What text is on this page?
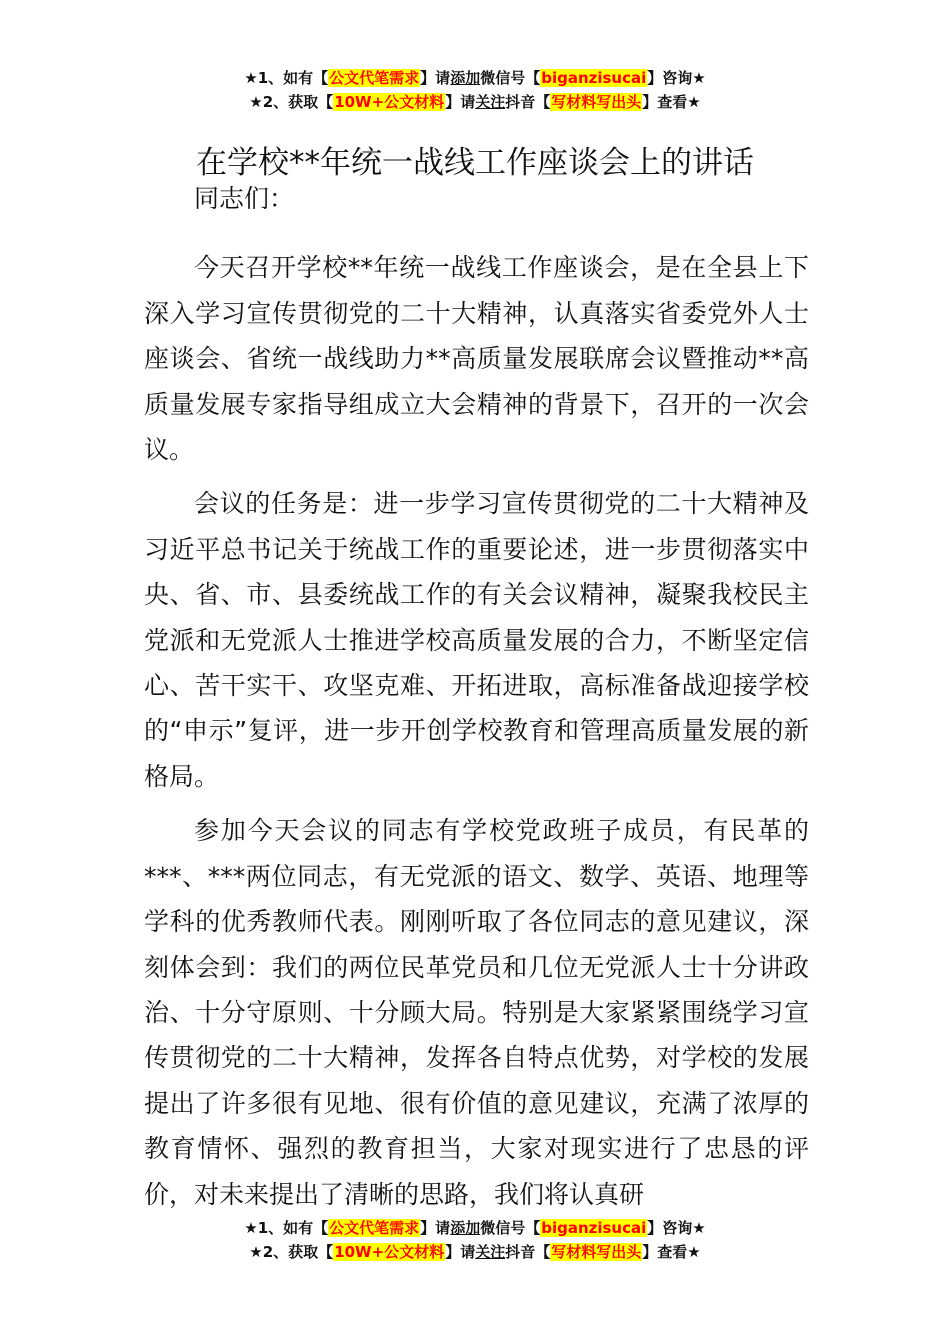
★1、如有【公文代笔需求】请添加微信号【biganzisucai】咨询★
★2、获取【10W+公文材料】请关注抖音【写材料写出头】查看★
在学校**年统一战线工作座谈会上的讲话

同志们：

今天召开学校**年统一战线工作座谈会，是在全县上下深入学习宣传贯彻党的二十大精神，认真落实省委党外人士座谈会、省统一战线助力**高质量发展联席会议暨推动**高质量发展专家指导组成立大会精神的背景下，召开的一次会议。

会议的任务是：进一步学习宣传贯彻党的二十大精神及习近平总书记关于统战工作的重要论述，进一步贯彻落实中央、省、市、县委统战工作的有关会议精神，凝聚我校民主党派和无党派人士推进学校高质量发展的合力，不断坚定信心、苦干实干、攻坚克难、开拓进取，高标准备战迎接学校的“申示”复评，进一步开创学校教育和管理高质量发展的新格局。

参加今天会议的同志有学校党政班子成员，有民革的***、***两位同志，有无党派的语文、数学、英语、地理等学科的优秀教师代表。刚刚听取了各位同志的意见建议，深刻体会到：我们的两位民革党员和几位无党派人士十分讲政治、十分守原则、十分顾大局。特别是大家紧紧围绕学习宣传贯彻党的二十大精神，发挥各自特点优势，对学校的发展提出了许多很有见地、很有价值的意见建议，充满了浓厚的教育情怀、强烈的教育担当，大家对现实进行了忠恳的评价，对未来提出了清晰的思路，我们将认真研

★1、如有【公文代笔需求】请添加微信号【biganzisucai】咨询★
★2、获取【10W+公文材料】请关注抖音【写材料写出头】查看★
